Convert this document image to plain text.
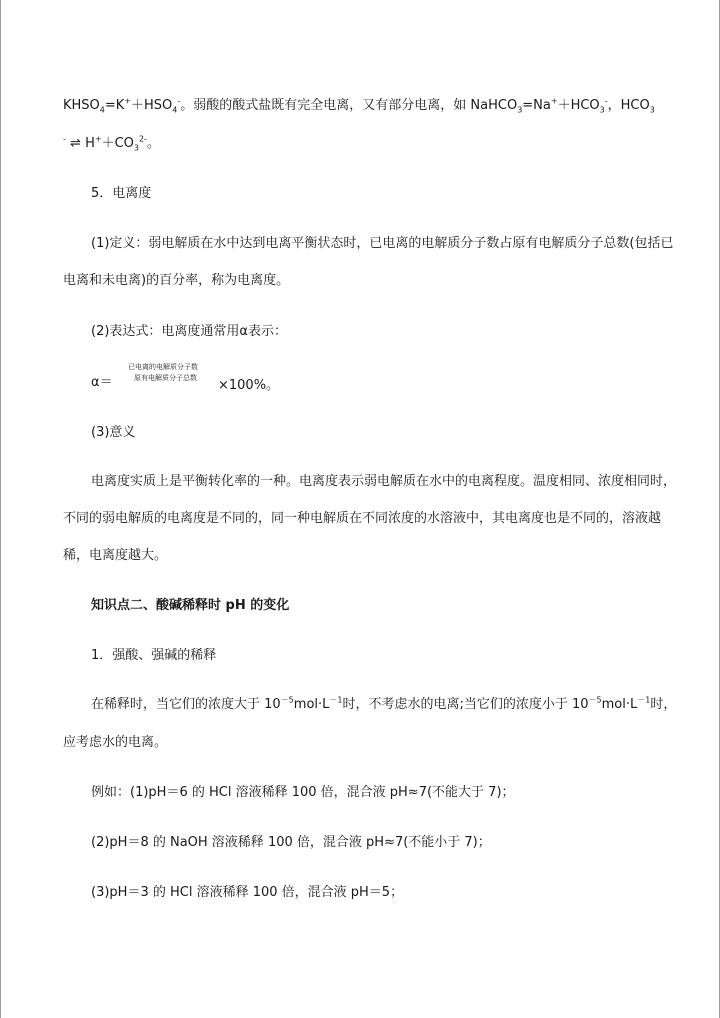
$KHSO_4=K^++HSO_4^-$。弱酸的酸式盐既有完全电离，又有部分电离，如 $NaHCO_3=Na^++HCO_3^-$，$HCO_3$
- ⇌ $H^++CO_3^{2-}$。
5．电离度
(1)定义：弱电解质在水中达到电离平衡状态时，已电离的电解质分子数占原有电解质分子总数(包括已
电离和未电离)的百分率，称为电离度。
(2)表达式：电离度通常用α表示：
α＝
已电离的电解质分子数
原有电解质分子总数 ×100%。
(3)意义
电离度实质上是平衡转化率的一种。电离度表示弱电解质在水中的电离程度。温度相同、浓度相同时，
不同的弱电解质的电离度是不同的，同一种电解质在不同浓度的水溶液中，其电离度也是不同的，溶液越
稀，电离度越大。
知识点二、酸碱稀释时 pH 的变化
1．强酸、强碱的稀释
在稀释时，当它们的浓度大于 $10^{-5}mol\cdot L^{-1}$时，不考虑水的电离;当它们的浓度小于 $10^{-5}mol\cdot L^{-1}$时，
应考虑水的电离。
例如：(1)pH＝6 的 HCl 溶液稀释 100 倍，混合液 pH≈7(不能大于 7)；
(2)pH＝8 的 NaOH 溶液稀释 100 倍，混合液 pH≈7(不能小于 7)；
(3)pH＝3 的 HCl 溶液稀释 100 倍，混合液 pH＝5；
